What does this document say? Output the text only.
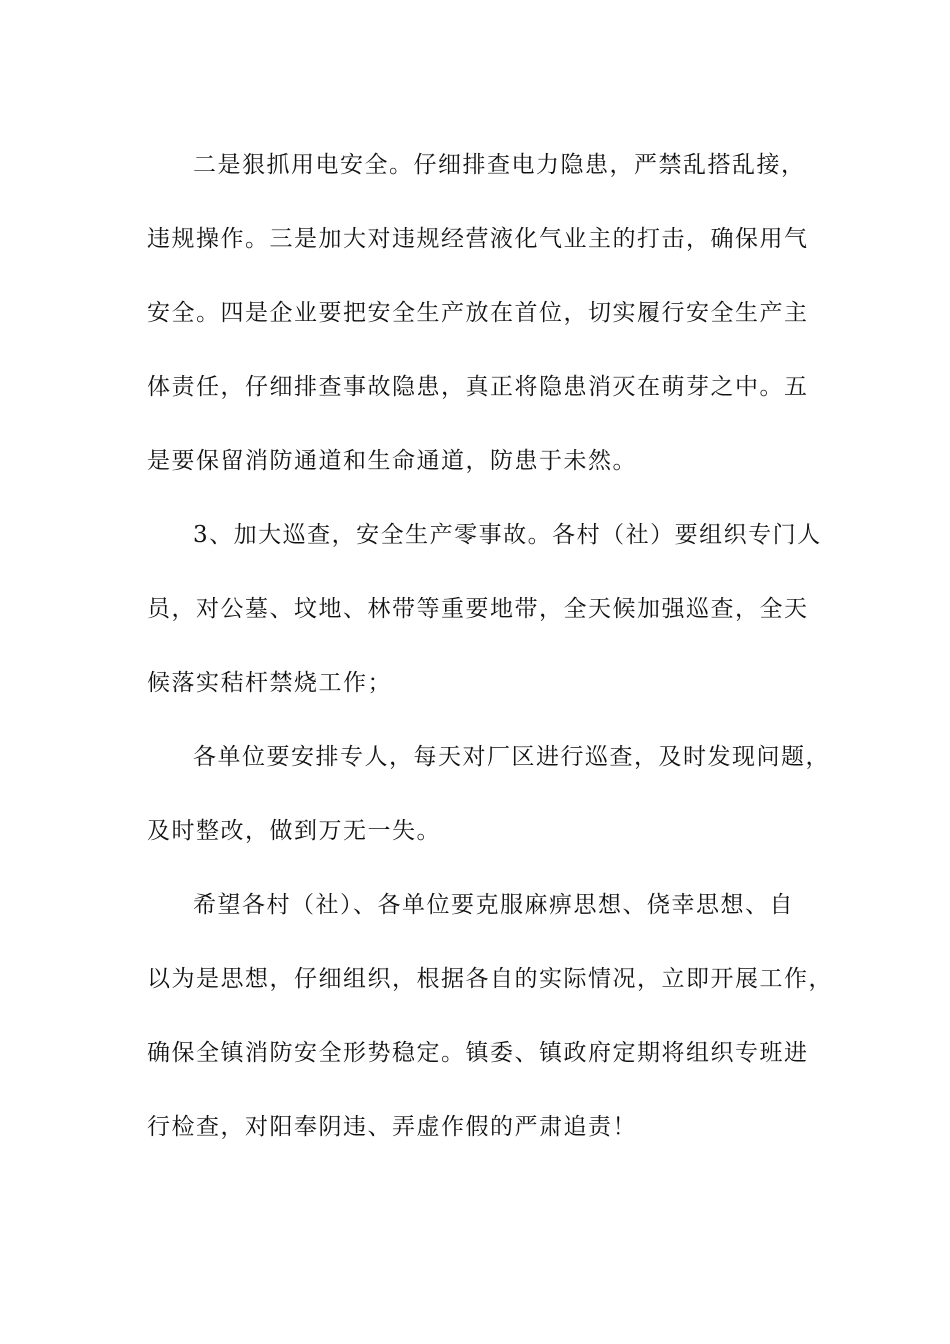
二是狠抓用电安全。仔细排查电力隐患，严禁乱搭乱接，
违规操作。三是加大对违规经营液化气业主的打击，确保用气
安全。四是企业要把安全生产放在首位，切实履行安全生产主
体责任，仔细排查事故隐患，真正将隐患消灭在萌芽之中。五
是要保留消防通道和生命通道，防患于未然。
3、加大巡查，安全生产零事故。各村（社）要组织专门人
员，对公墓、坟地、林带等重要地带，全天候加强巡查，全天
候落实秸杆禁烧工作；
各单位要安排专人，每天对厂区进行巡查，及时发现问题，
及时整改，做到万无一失。
希望各村（社）、各单位要克服麻痹思想、侥幸思想、自
以为是思想，仔细组织，根据各自的实际情况，立即开展工作，
确保全镇消防安全形势稳定。镇委、镇政府定期将组织专班进
行检查，对阳奉阴违、弄虚作假的严肃追责！
